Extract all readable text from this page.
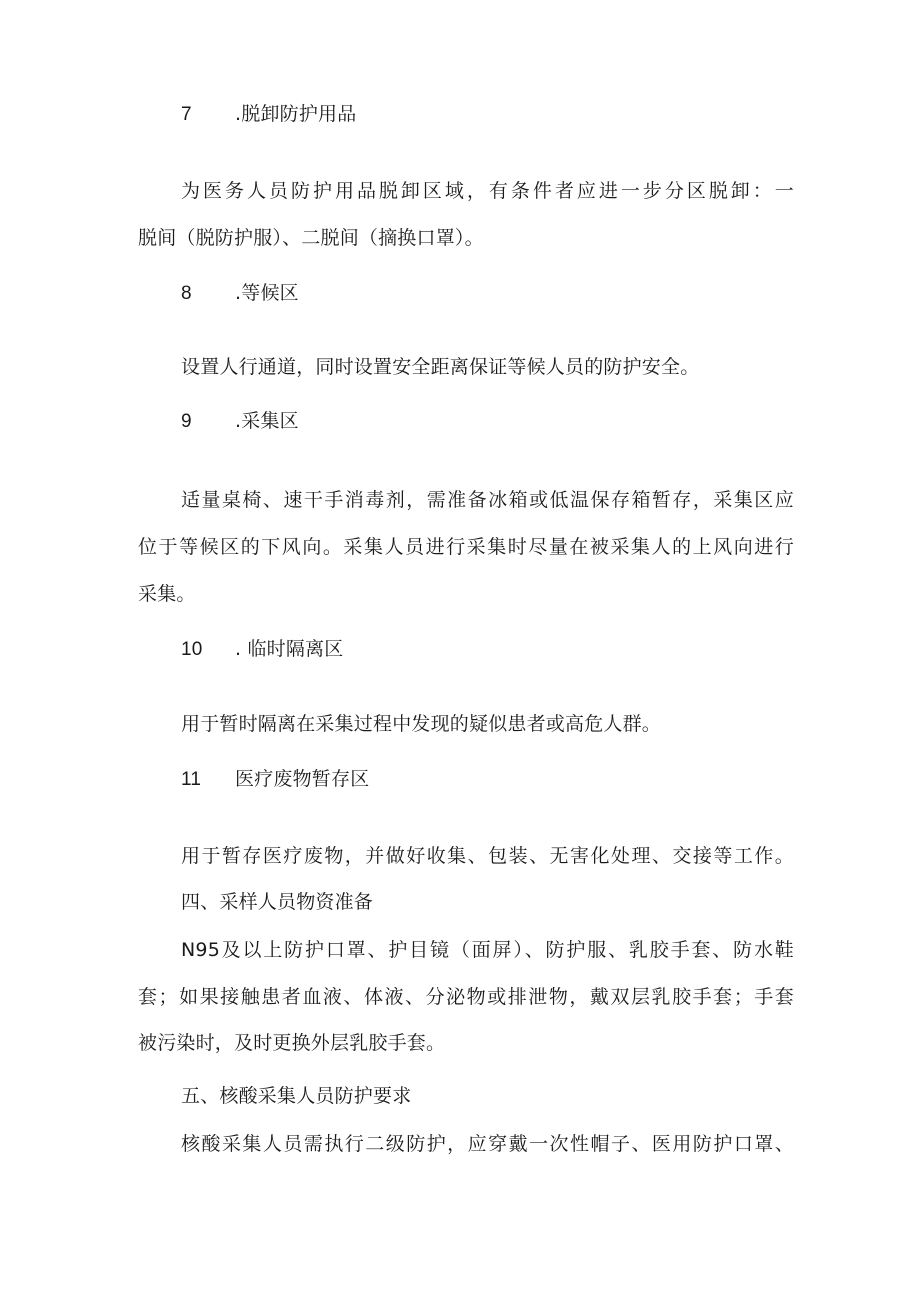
7 .脱卸防护用品
为医务人员防护用品脱卸区域，有条件者应进一步分区脱卸：一
脱间（脱防护服）、二脱间（摘换口罩）。
8 .等候区
设置人行通道，同时设置安全距离保证等候人员的防护安全。
9 .采集区
适量桌椅、速干手消毒剂，需准备冰箱或低温保存箱暂存，采集区应
位于等候区的下风向。采集人员进行采集时尽量在被采集人的上风向进行
采集。
10 . 临时隔离区
用于暂时隔离在采集过程中发现的疑似患者或高危人群。
11 医疗废物暂存区
用于暂存医疗废物，并做好收集、包装、无害化处理、交接等工作。
四、采样人员物资准备
N95及以上防护口罩、护目镜（面屏）、防护服、乳胶手套、防水鞋
套；如果接触患者血液、体液、分泌物或排泄物，戴双层乳胶手套；手套
被污染时，及时更换外层乳胶手套。
五、核酸采集人员防护要求
核酸采集人员需执行二级防护，应穿戴一次性帽子、医用防护口罩、
